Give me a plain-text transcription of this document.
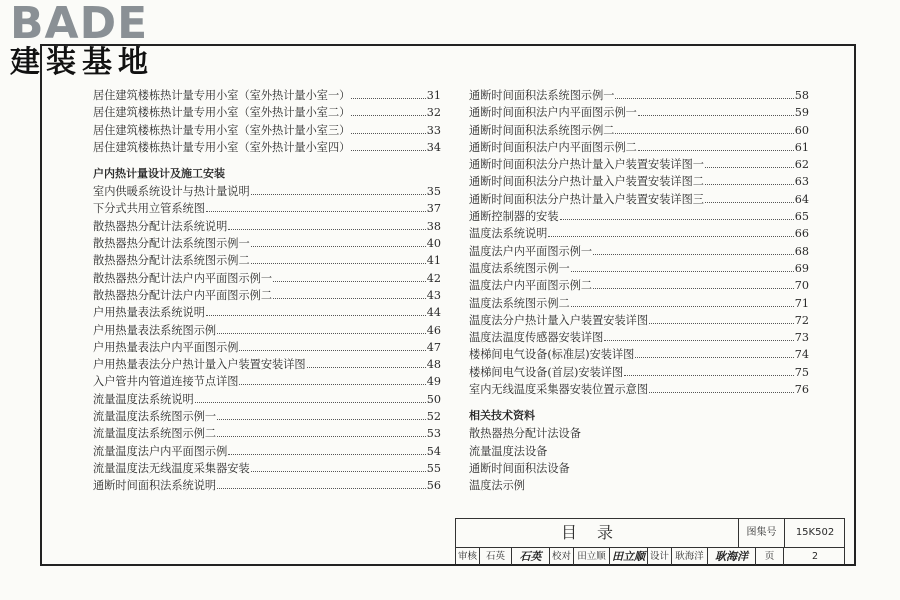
BADE
建装基地
居住建筑楼栋热计量专用小室（室外热计量小室一）	31
居住建筑楼栋热计量专用小室（室外热计量小室二）	32
居住建筑楼栋热计量专用小室（室外热计量小室三）	33
居住建筑楼栋热计量专用小室（室外热计量小室四）	34
户内热计量设计及施工安装
室内供暖系统设计与热计量说明	35
下分式共用立管系统图	37
散热器热分配计法系统说明	38
散热器热分配计法系统图示例一	40
散热器热分配计法系统图示例二	41
散热器热分配计法户内平面图示例一	42
散热器热分配计法户内平面图示例二	43
户用热量表法系统说明	44
户用热量表法系统图示例	46
户用热量表法户内平面图示例	47
户用热量表法分户热计量入户装置安装详图	48
入户管井内管道连接节点详图	49
流量温度法系统说明	50
流量温度法系统图示例一	52
流量温度法系统图示例二	53
流量温度法户内平面图示例	54
流量温度法无线温度采集器安装	55
通断时间面积法系统说明	56
通断时间面积法系统图示例一	58
通断时间面积法户内平面图示例一	59
通断时间面积法系统图示例二	60
通断时间面积法户内平面图示例二	61
通断时间面积法分户热计量入户装置安装详图一	62
通断时间面积法分户热计量入户装置安装详图二	63
通断时间面积法分户热计量入户装置安装详图三	64
通断控制器的安装	65
温度法系统说明	66
温度法户内平面图示例一	68
温度法系统图示例一	69
温度法户内平面图示例二	70
温度法系统图示例二	71
温度法分户热计量入户装置安装详图	72
温度法温度传感器安装详图	73
楼梯间电气设备(标准层)安装详图	74
楼梯间电气设备(首层)安装详图	75
室内无线温度采集器安装位置示意图	76
相关技术资料
散热器热分配计法设备
流量温度法设备
通断时间面积法设备
温度法示例
目录	图集号	15K502
审核 石英	石英	校对 田立顺 田立顺 设计 耿海洋	耿海洋	页	2
